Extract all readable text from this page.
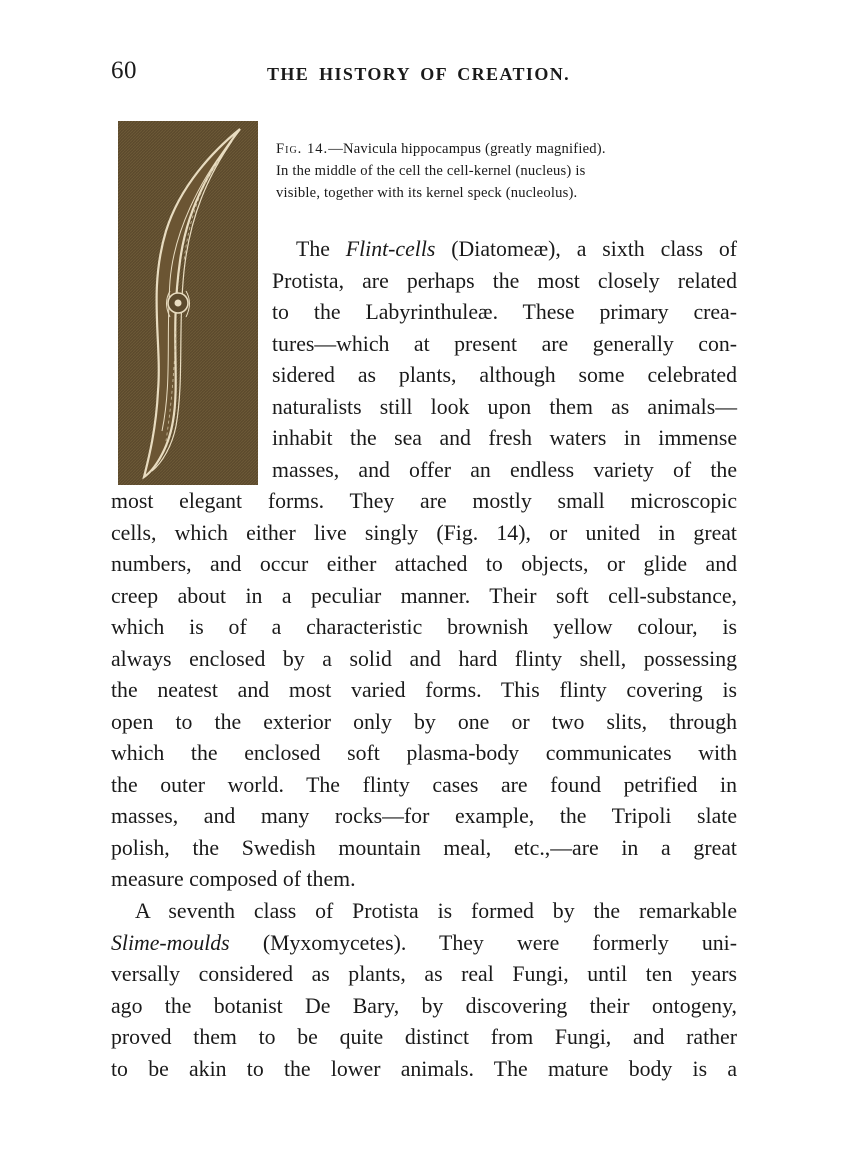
60	THE HISTORY OF CREATION.
Fig. 14.—Navicula hippocampus (greatly magnified).
In the middle of the cell the cell-kernel (nucleus) is
visible, together with its kernel speck (nucleolus).
The Flint-cells (Diatomeæ), a sixth class of
Protista, are perhaps the most closely related
to the Labyrinthuleæ. These primary crea-
tures—which at present are generally con-
sidered as plants, although some celebrated
naturalists still look upon them as animals—
inhabit the sea and fresh waters in immense
masses, and offer an endless variety of the
most elegant forms. They are mostly small microscopic
cells, which either live singly (Fig. 14), or united in great
numbers, and occur either attached to objects, or glide and
creep about in a peculiar manner. Their soft cell-substance,
which is of a characteristic brownish yellow colour, is
always enclosed by a solid and hard flinty shell, possessing
the neatest and most varied forms. This flinty covering is
open to the exterior only by one or two slits, through
which the enclosed soft plasma-body communicates with
the outer world. The flinty cases are found petrified in
masses, and many rocks—for example, the Tripoli slate
polish, the Swedish mountain meal, etc.,—are in a great
measure composed of them.
A seventh class of Protista is formed by the remarkable
Slime-moulds (Myxomycetes). They were formerly uni-
versally considered as plants, as real Fungi, until ten years
ago the botanist De Bary, by discovering their ontogeny,
proved them to be quite distinct from Fungi, and rather
to be akin to the lower animals. The mature body is a
